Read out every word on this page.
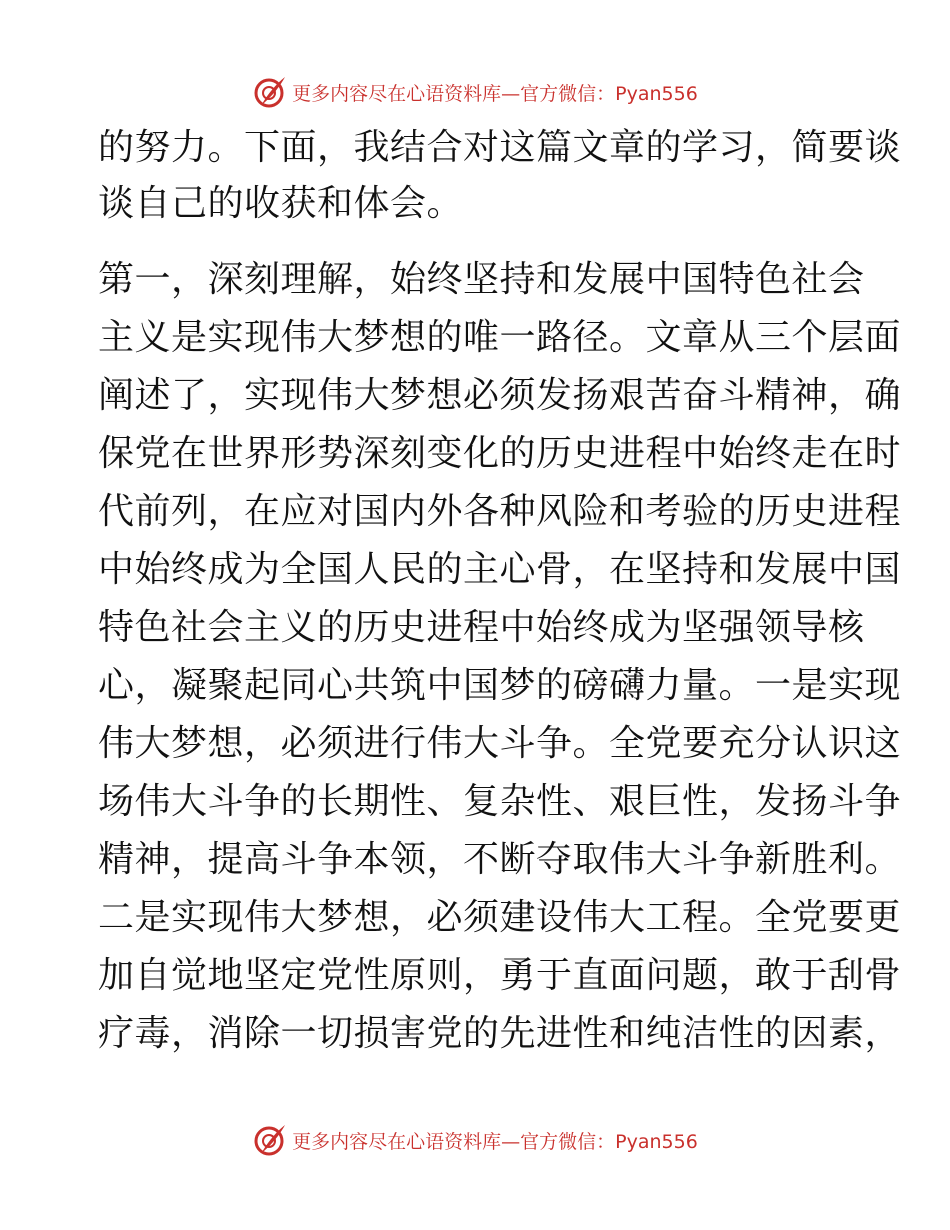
更多内容尽在心语资料库—官方微信：Pyan556
的努力。下面，我结合对这篇文章的学习，简要谈
谈自己的收获和体会。
第一，深刻理解，始终坚持和发展中国特色社会
主义是实现伟大梦想的唯一路径。文章从三个层面
阐述了，实现伟大梦想必须发扬艰苦奋斗精神，确
保党在世界形势深刻变化的历史进程中始终走在时
代前列，在应对国内外各种风险和考验的历史进程
中始终成为全国人民的主心骨，在坚持和发展中国
特色社会主义的历史进程中始终成为坚强领导核
心，凝聚起同心共筑中国梦的磅礴力量。一是实现
伟大梦想，必须进行伟大斗争。全党要充分认识这
场伟大斗争的长期性、复杂性、艰巨性，发扬斗争
精神，提高斗争本领，不断夺取伟大斗争新胜利。
二是实现伟大梦想，必须建设伟大工程。全党要更
加自觉地坚定党性原则，勇于直面问题，敢于刮骨
疗毒，消除一切损害党的先进性和纯洁性的因素，
更多内容尽在心语资料库—官方微信：Pyan556
